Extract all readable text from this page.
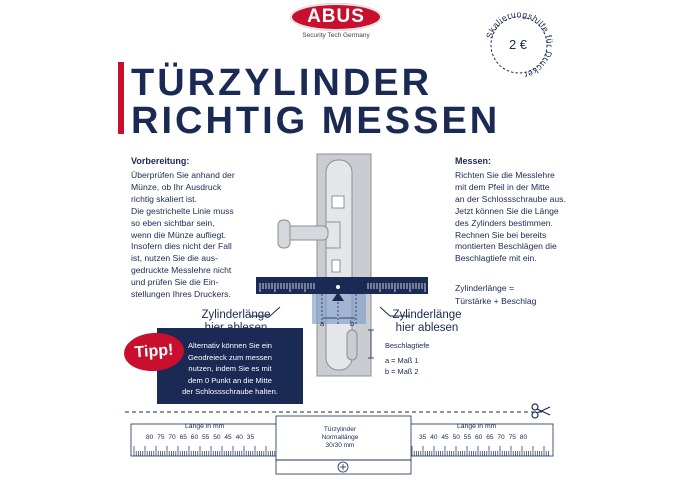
ABUS
Security Tech Germany	Skalierungshilfe für Drucker
2 €
TÜRZYLINDER
RICHTIG MESSEN
Vorbereitung:
Überprüfen Sie anhand der
Münze, ob Ihr Ausdruck
richtig skaliert ist.
Die gestrichelte Linie muss
so eben sichtbar sein,
wenn die Münze aufliegt.
Insofern dies nicht der Fall
ist, nutzen Sie die aus-
gedruckte Messlehre nicht
und prüfen Sie die Ein-
stellungen Ihres Druckers.
Messen:
Richten Sie die Messlehre
mit dem Pfeil in der Mitte
an der Schlossschraube aus.
Jetzt können Sie die Länge
des Zylinders bestimmen.
Rechnen Sie bei bereits
montierten Beschlägen die
Beschlagtiefe mit ein.
Zylinderlänge =
Türstärke + Beschlag
a	b
Zylinderlänge	Zylinderlänge
hier ablesen
Beschlagtiefe
a = Maß 1
b = Maß 2
Alternativ können Sie ein
Geodreieck zum messen
nutzen, indem Sie es mit
dem 0 Punkt an die Mitte
der Schlossschraube halten.
Tipp!
Länge in mm	Länge in mm
Türzylinder
Normallänge
30/30 mm
80 75 70 65 60 55 50 45 40 35	35 40 45 50 55 60 65 70 75 80
